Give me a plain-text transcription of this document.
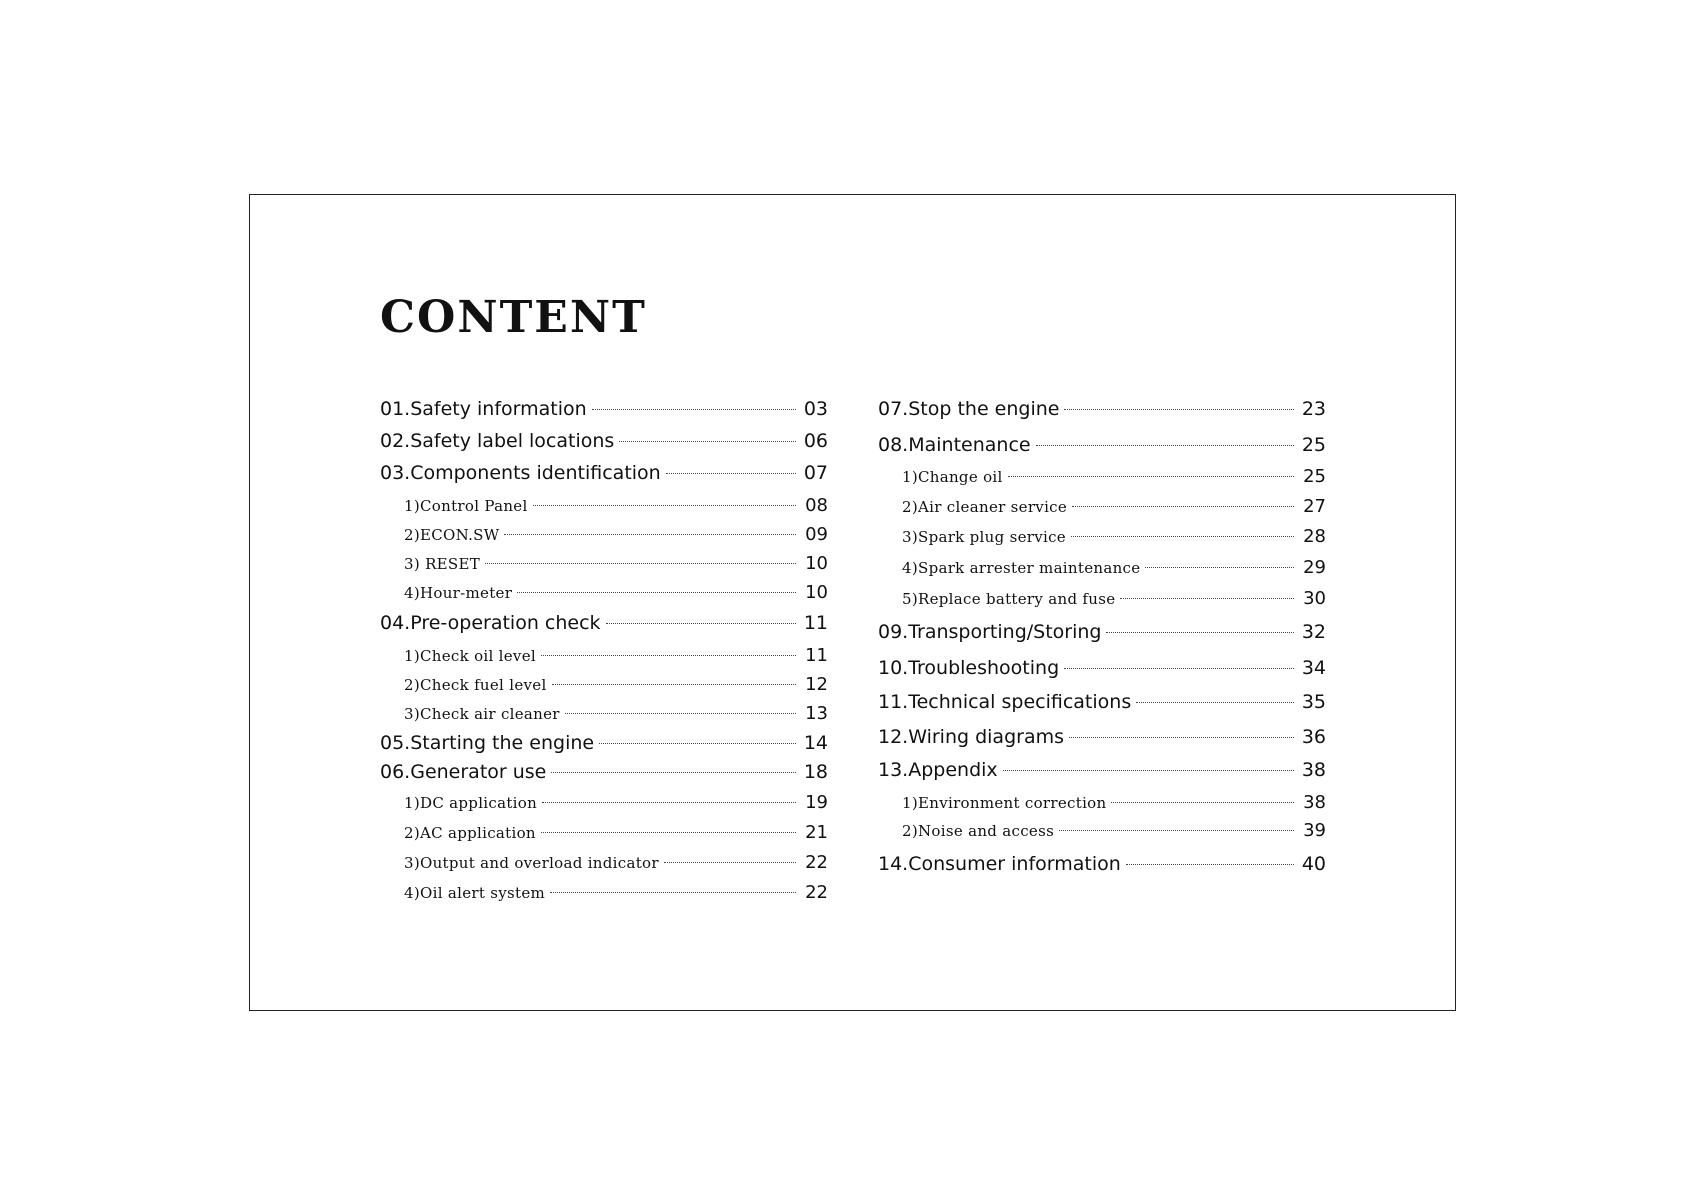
CONTENT
01.Safety information	03
02.Safety label locations	06
03.Components identification	07
1)Control Panel	08
2)ECON.SW	09
3) RESET	10
4)Hour-meter	10
04.Pre-operation check	11
1)Check oil level	11
2)Check fuel level	12
3)Check air cleaner	13
05.Starting the engine	14
06.Generator use	18
1)DC application	19
2)AC application	21
3)Output and overload indicator	22
4)Oil alert system	22
07.Stop the engine	23
08.Maintenance	25
1)Change oil	25
2)Air cleaner service	27
3)Spark plug service	28
4)Spark arrester maintenance	29
5)Replace battery and fuse	30
09.Transporting/Storing	32
10.Troubleshooting	34
11.Technical specifications	35
12.Wiring diagrams	36
13.Appendix	38
1)Environment correction	38
2)Noise and access	39
14.Consumer information	40
